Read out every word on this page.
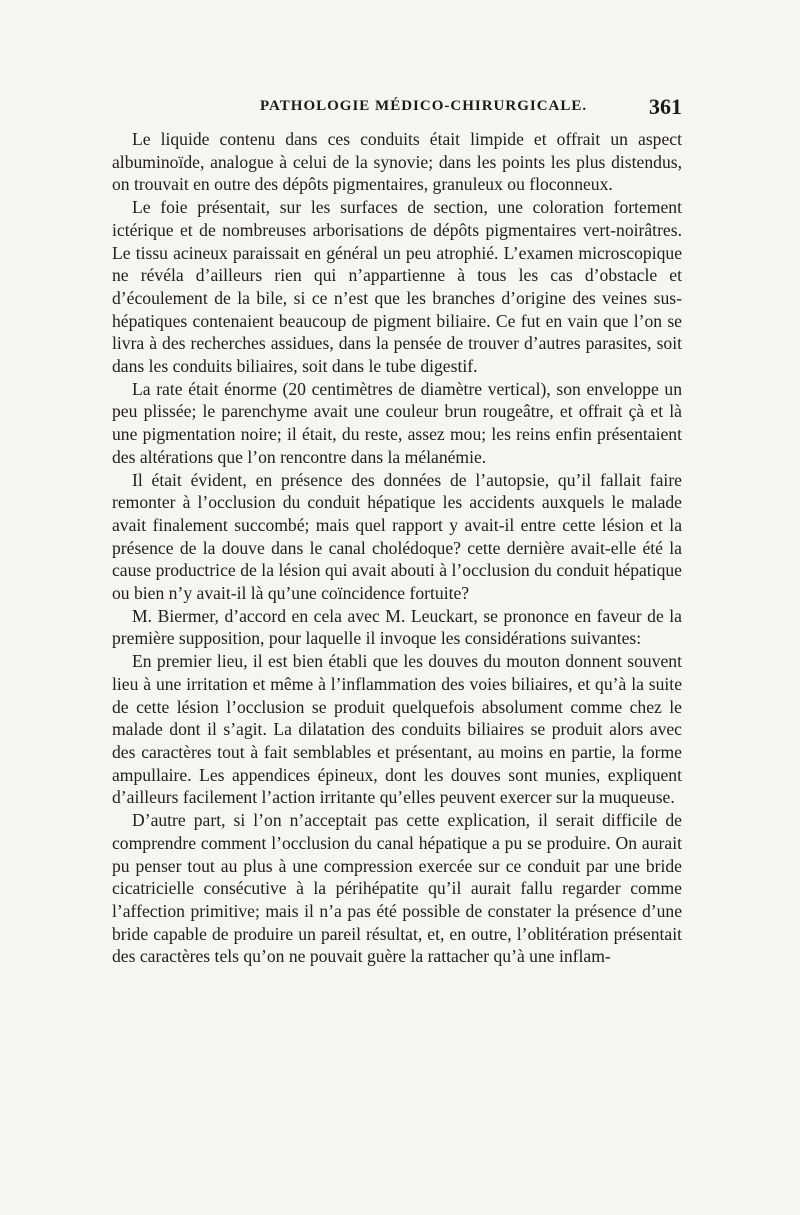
PATHOLOGIE MÉDICO-CHIRURGICALE.	361

Le liquide contenu dans ces conduits était limpide et offrait un aspect albuminoïde, analogue à celui de la synovie; dans les points les plus distendus, on trouvait en outre des dépôts pigmentaires, granuleux ou floconneux.

Le foie présentait, sur les surfaces de section, une coloration fortement ictérique et de nombreuses arborisations de dépôts pigmentaires vert-noirâtres. Le tissu acineux paraissait en général un peu atrophié. L’examen microscopique ne révéla d’ailleurs rien qui n’appartienne à tous les cas d’obstacle et d’écoulement de la bile, si ce n’est que les branches d’origine des veines sus-hépatiques contenaient beaucoup de pigment biliaire. Ce fut en vain que l’on se livra à des recherches assidues, dans la pensée de trouver d’autres parasites, soit dans les conduits biliaires, soit dans le tube digestif.

La rate était énorme (20 centimètres de diamètre vertical), son enveloppe un peu plissée; le parenchyme avait une couleur brun rougeâtre, et offrait çà et là une pigmentation noire; il était, du reste, assez mou; les reins enfin présentaient des altérations que l’on rencontre dans la mélanémie.

Il était évident, en présence des données de l’autopsie, qu’il fallait faire remonter à l’occlusion du conduit hépatique les accidents auxquels le malade avait finalement succombé; mais quel rapport y avait-il entre cette lésion et la présence de la douve dans le canal cholédoque? cette dernière avait-elle été la cause productrice de la lésion qui avait abouti à l’occlusion du conduit hépatique ou bien n’y avait-il là qu’une coïncidence fortuite?

M. Biermer, d’accord en cela avec M. Leuckart, se prononce en faveur de la première supposition, pour laquelle il invoque les considérations suivantes:

En premier lieu, il est bien établi que les douves du mouton donnent souvent lieu à une irritation et même à l’inflammation des voies biliaires, et qu’à la suite de cette lésion l’occlusion se produit quelquefois absolument comme chez le malade dont il s’agit. La dilatation des conduits biliaires se produit alors avec des caractères tout à fait semblables et présentant, au moins en partie, la forme ampullaire. Les appendices épineux, dont les douves sont munies, expliquent d’ailleurs facilement l’action irritante qu’elles peuvent exercer sur la muqueuse.

D’autre part, si l’on n’acceptait pas cette explication, il serait difficile de comprendre comment l’occlusion du canal hépatique a pu se produire. On aurait pu penser tout au plus à une compression exercée sur ce conduit par une bride cicatricielle consécutive à la périhépatite qu’il aurait fallu regarder comme l’affection primitive; mais il n’a pas été possible de constater la présence d’une bride capable de produire un pareil résultat, et, en outre, l’oblitération présentait des caractères tels qu’on ne pouvait guère la rattacher qu’à une inflam-
